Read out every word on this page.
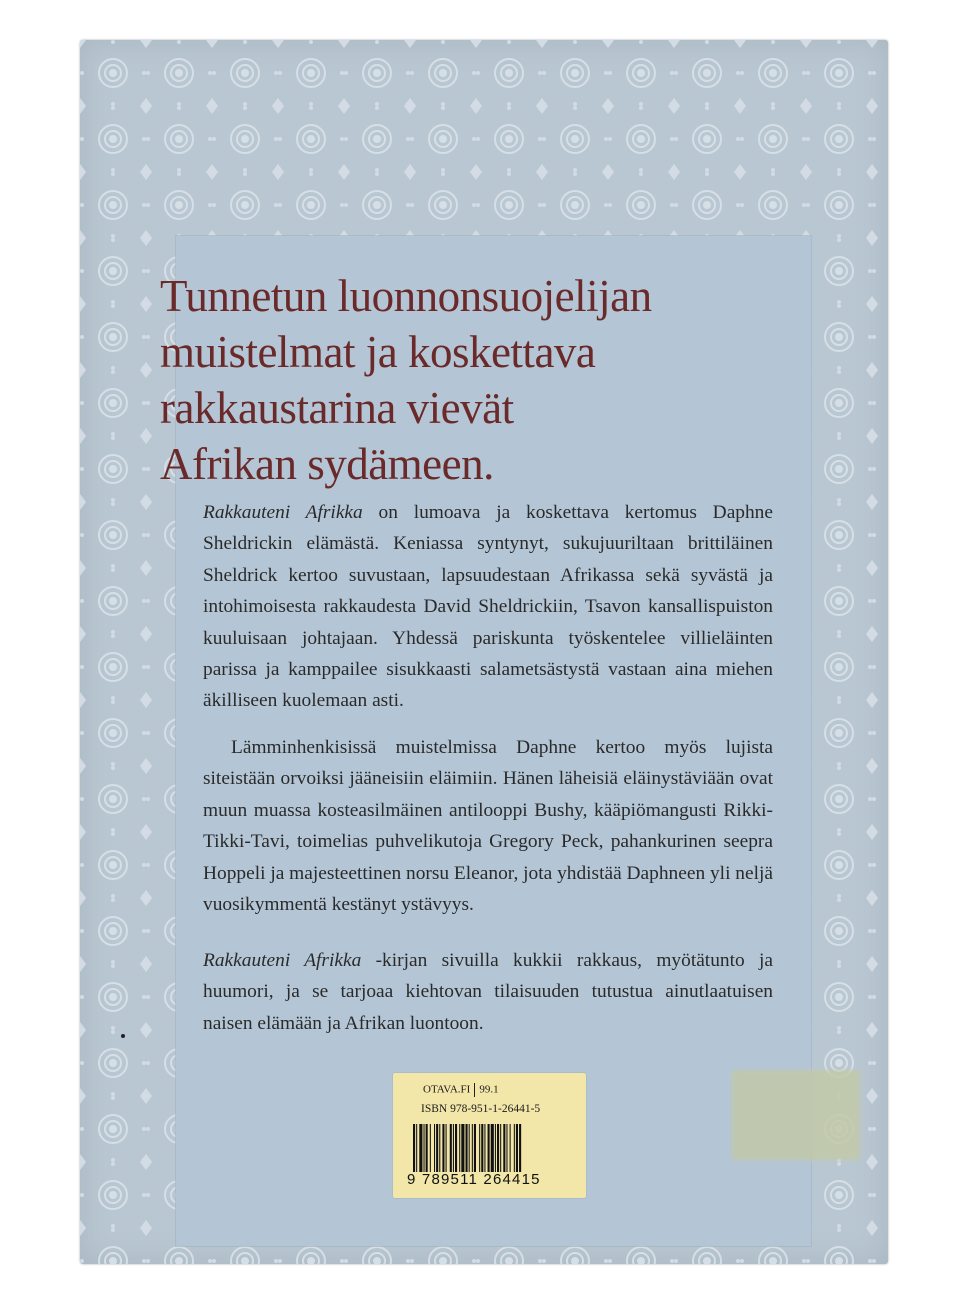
Tunnetun luonnonsuojelijan
muistelmat ja koskettava
rakkaustarina vievät
Afrikan sydämeen.

Rakkauteni Afrikka on lumoava ja koskettava kertomus Daphne Sheldrickin elämästä. Keniassa syntynyt, sukujuuriltaan brittiläinen Sheldrick kertoo suvustaan, lapsuudestaan Afrikassa sekä syvästä ja intohimoisesta rakkaudesta David Sheldrickiin, Tsavon kansallispuiston kuuluisaan johtajaan. Yhdessä pariskunta työskentelee villieläinten parissa ja kamppailee sisukkaasti salametsästystä vastaan aina miehen äkilliseen kuolemaan asti.

Lämminhenkisissä muistelmissa Daphne kertoo myös lujista siteistään orvoiksi jääneisiin eläimiin. Hänen läheisiä eläinystäviään ovat muun muassa kosteasilmäinen antilooppi Bushy, kääpiömangusti Rikki-Tikki-Tavi, toimelias puhvelikutoja Gregory Peck, pahankurinen seepra Hoppeli ja majesteettinen norsu Eleanor, jota yhdistää Daphneen yli neljä vuosikymmentä kestänyt ystävyys.

Rakkauteni Afrikka -kirjan sivuilla kukkii rakkaus, myötätunto ja huumori, ja se tarjoaa kiehtovan tilaisuuden tutustua ainutlaatuisen naisen elämään ja Afrikan luontoon.

OTAVA.FI 99.1
ISBN 978-951-1-26441-5
9 789511 264415
